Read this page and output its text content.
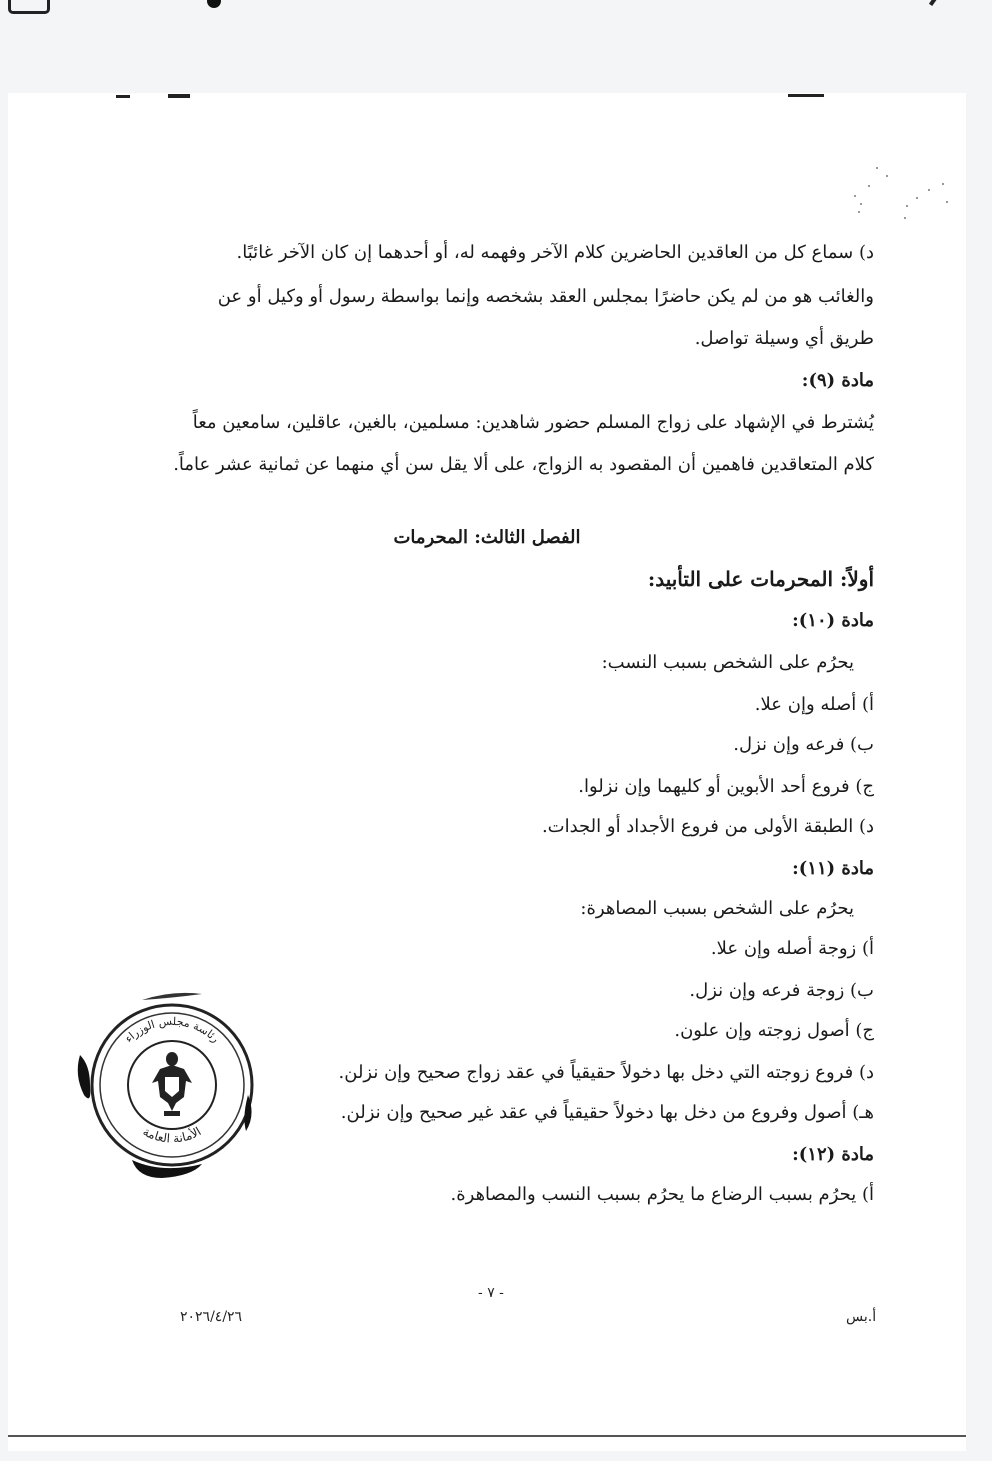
د) سماع كل من العاقدين الحاضرين كلام الآخر وفهمه له، أو أحدهما إن كان الآخر غائبًا.
والغائب هو من لم يكن حاضرًا بمجلس العقد بشخصه وإنما بواسطة رسول أو وكيل أو عن
طريق أي وسيلة تواصل.
مادة (٩):
يُشترط في الإشهاد على زواج المسلم حضور شاهدين: مسلمين، بالغين، عاقلين، سامعين معاً
كلام المتعاقدين فاهمين أن المقصود به الزواج، على ألا يقل سن أي منهما عن ثمانية عشر عاماً.
الفصل الثالث: المحرمات
أولاً: المحرمات على التأبيد:
مادة (١٠):
يحرُم على الشخص بسبب النسب:
أ) أصله وإن علا.
ب) فرعه وإن نزل.
ج) فروع أحد الأبوين أو كليهما وإن نزلوا.
د) الطبقة الأولى من فروع الأجداد أو الجدات.
مادة (١١):
يحرُم على الشخص بسبب المصاهرة:
أ) زوجة أصله وإن علا.
ب) زوجة فرعه وإن نزل.
ج) أصول زوجته وإن علون.
د) فروع زوجته التي دخل بها دخولاً حقيقياً في عقد زواج صحيح وإن نزلن.
هـ) أصول وفروع من دخل بها دخولاً حقيقياً في عقد غير صحيح وإن نزلن.
مادة (١٢):
أ) يحرُم بسبب الرضاع ما يحرُم بسبب النسب والمصاهرة.
- ٧ -
٢٠٢٦/٤/٢٦	أ.بس
رئاسة مجلس الوزراء
الأمانة العامة
